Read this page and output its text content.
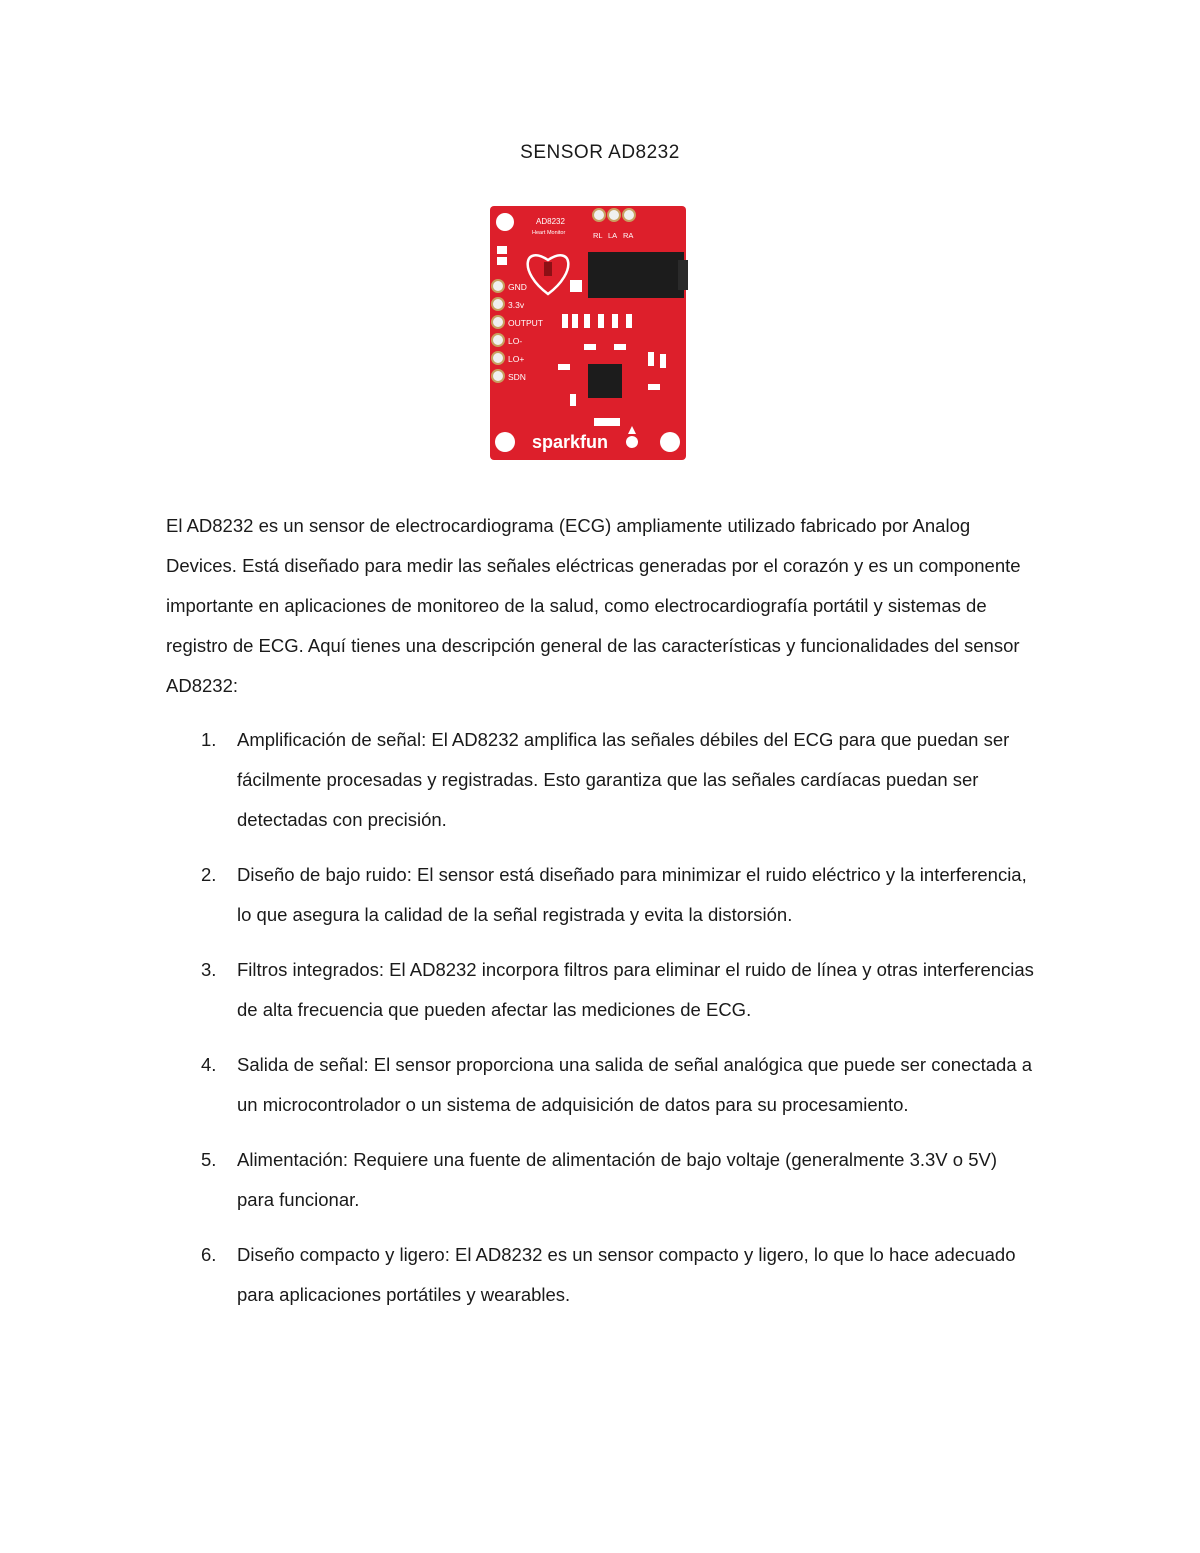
SENSOR AD8232
AD8232
Heart Monitor	RL LA RA
GND
3.3v
OUTPUT
LO-
LO+
SDN
sparkfun

El AD8232 es un sensor de electrocardiograma (ECG) ampliamente utilizado fabricado por Analog Devices. Está diseñado para medir las señales eléctricas generadas por el corazón y es un componente importante en aplicaciones de monitoreo de la salud, como electrocardiografía portátil y sistemas de registro de ECG. Aquí tienes una descripción general de las características y funcionalidades del sensor AD8232:

1. Amplificación de señal: El AD8232 amplifica las señales débiles del ECG para que puedan ser fácilmente procesadas y registradas. Esto garantiza que las señales cardíacas puedan ser detectadas con precisión.
2. Diseño de bajo ruido: El sensor está diseñado para minimizar el ruido eléctrico y la interferencia, lo que asegura la calidad de la señal registrada y evita la distorsión.
3. Filtros integrados: El AD8232 incorpora filtros para eliminar el ruido de línea y otras interferencias de alta frecuencia que pueden afectar las mediciones de ECG.
4. Salida de señal: El sensor proporciona una salida de señal analógica que puede ser conectada a un microcontrolador o un sistema de adquisición de datos para su procesamiento.
5. Alimentación: Requiere una fuente de alimentación de bajo voltaje (generalmente 3.3V o 5V) para funcionar.
6. Diseño compacto y ligero: El AD8232 es un sensor compacto y ligero, lo que lo hace adecuado para aplicaciones portátiles y wearables.
